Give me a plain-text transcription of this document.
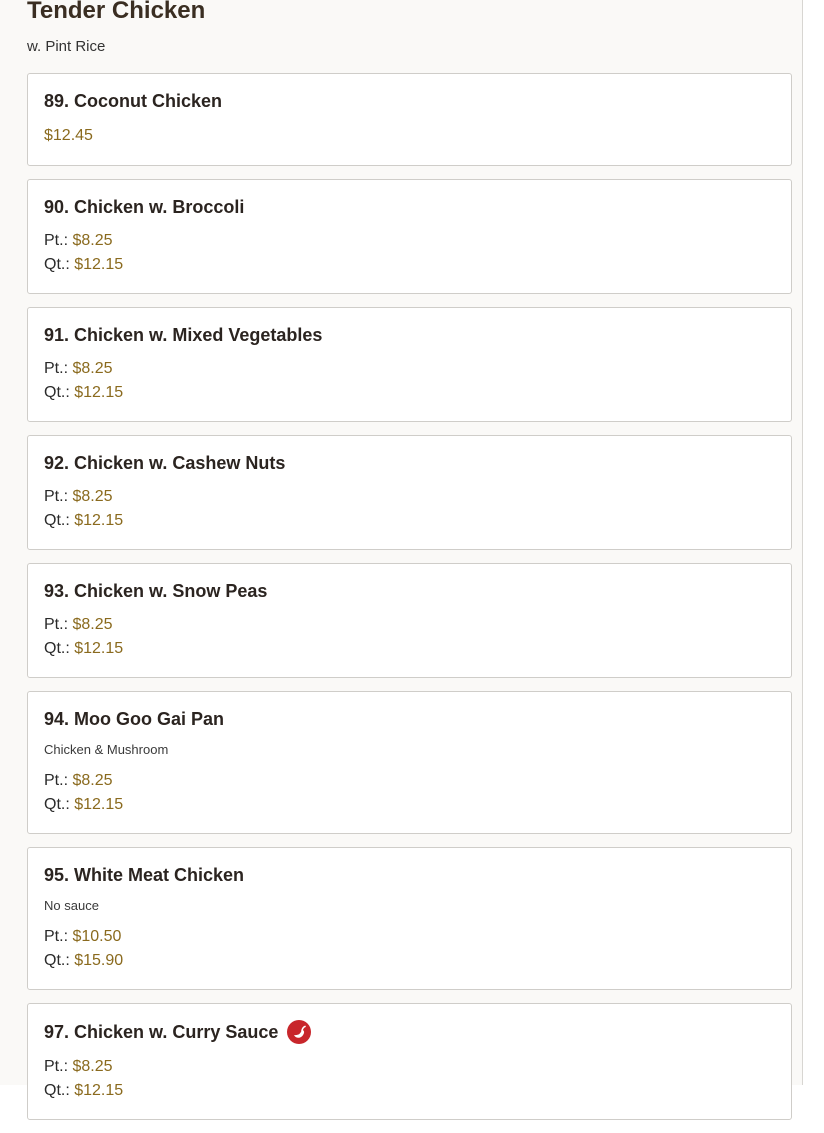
Tender Chicken
w. Pint Rice
89. Coconut Chicken
$12.45
90. Chicken w. Broccoli
Pt.: $8.25
Qt.: $12.15
91. Chicken w. Mixed Vegetables
Pt.: $8.25
Qt.: $12.15
92. Chicken w. Cashew Nuts
Pt.: $8.25
Qt.: $12.15
93. Chicken w. Snow Peas
Pt.: $8.25
Qt.: $12.15
94. Moo Goo Gai Pan
Chicken & Mushroom
Pt.: $8.25
Qt.: $12.15
95. White Meat Chicken
No sauce
Pt.: $10.50
Qt.: $15.90
97. Chicken w. Curry Sauce
Pt.: $8.25
Qt.: $12.15
